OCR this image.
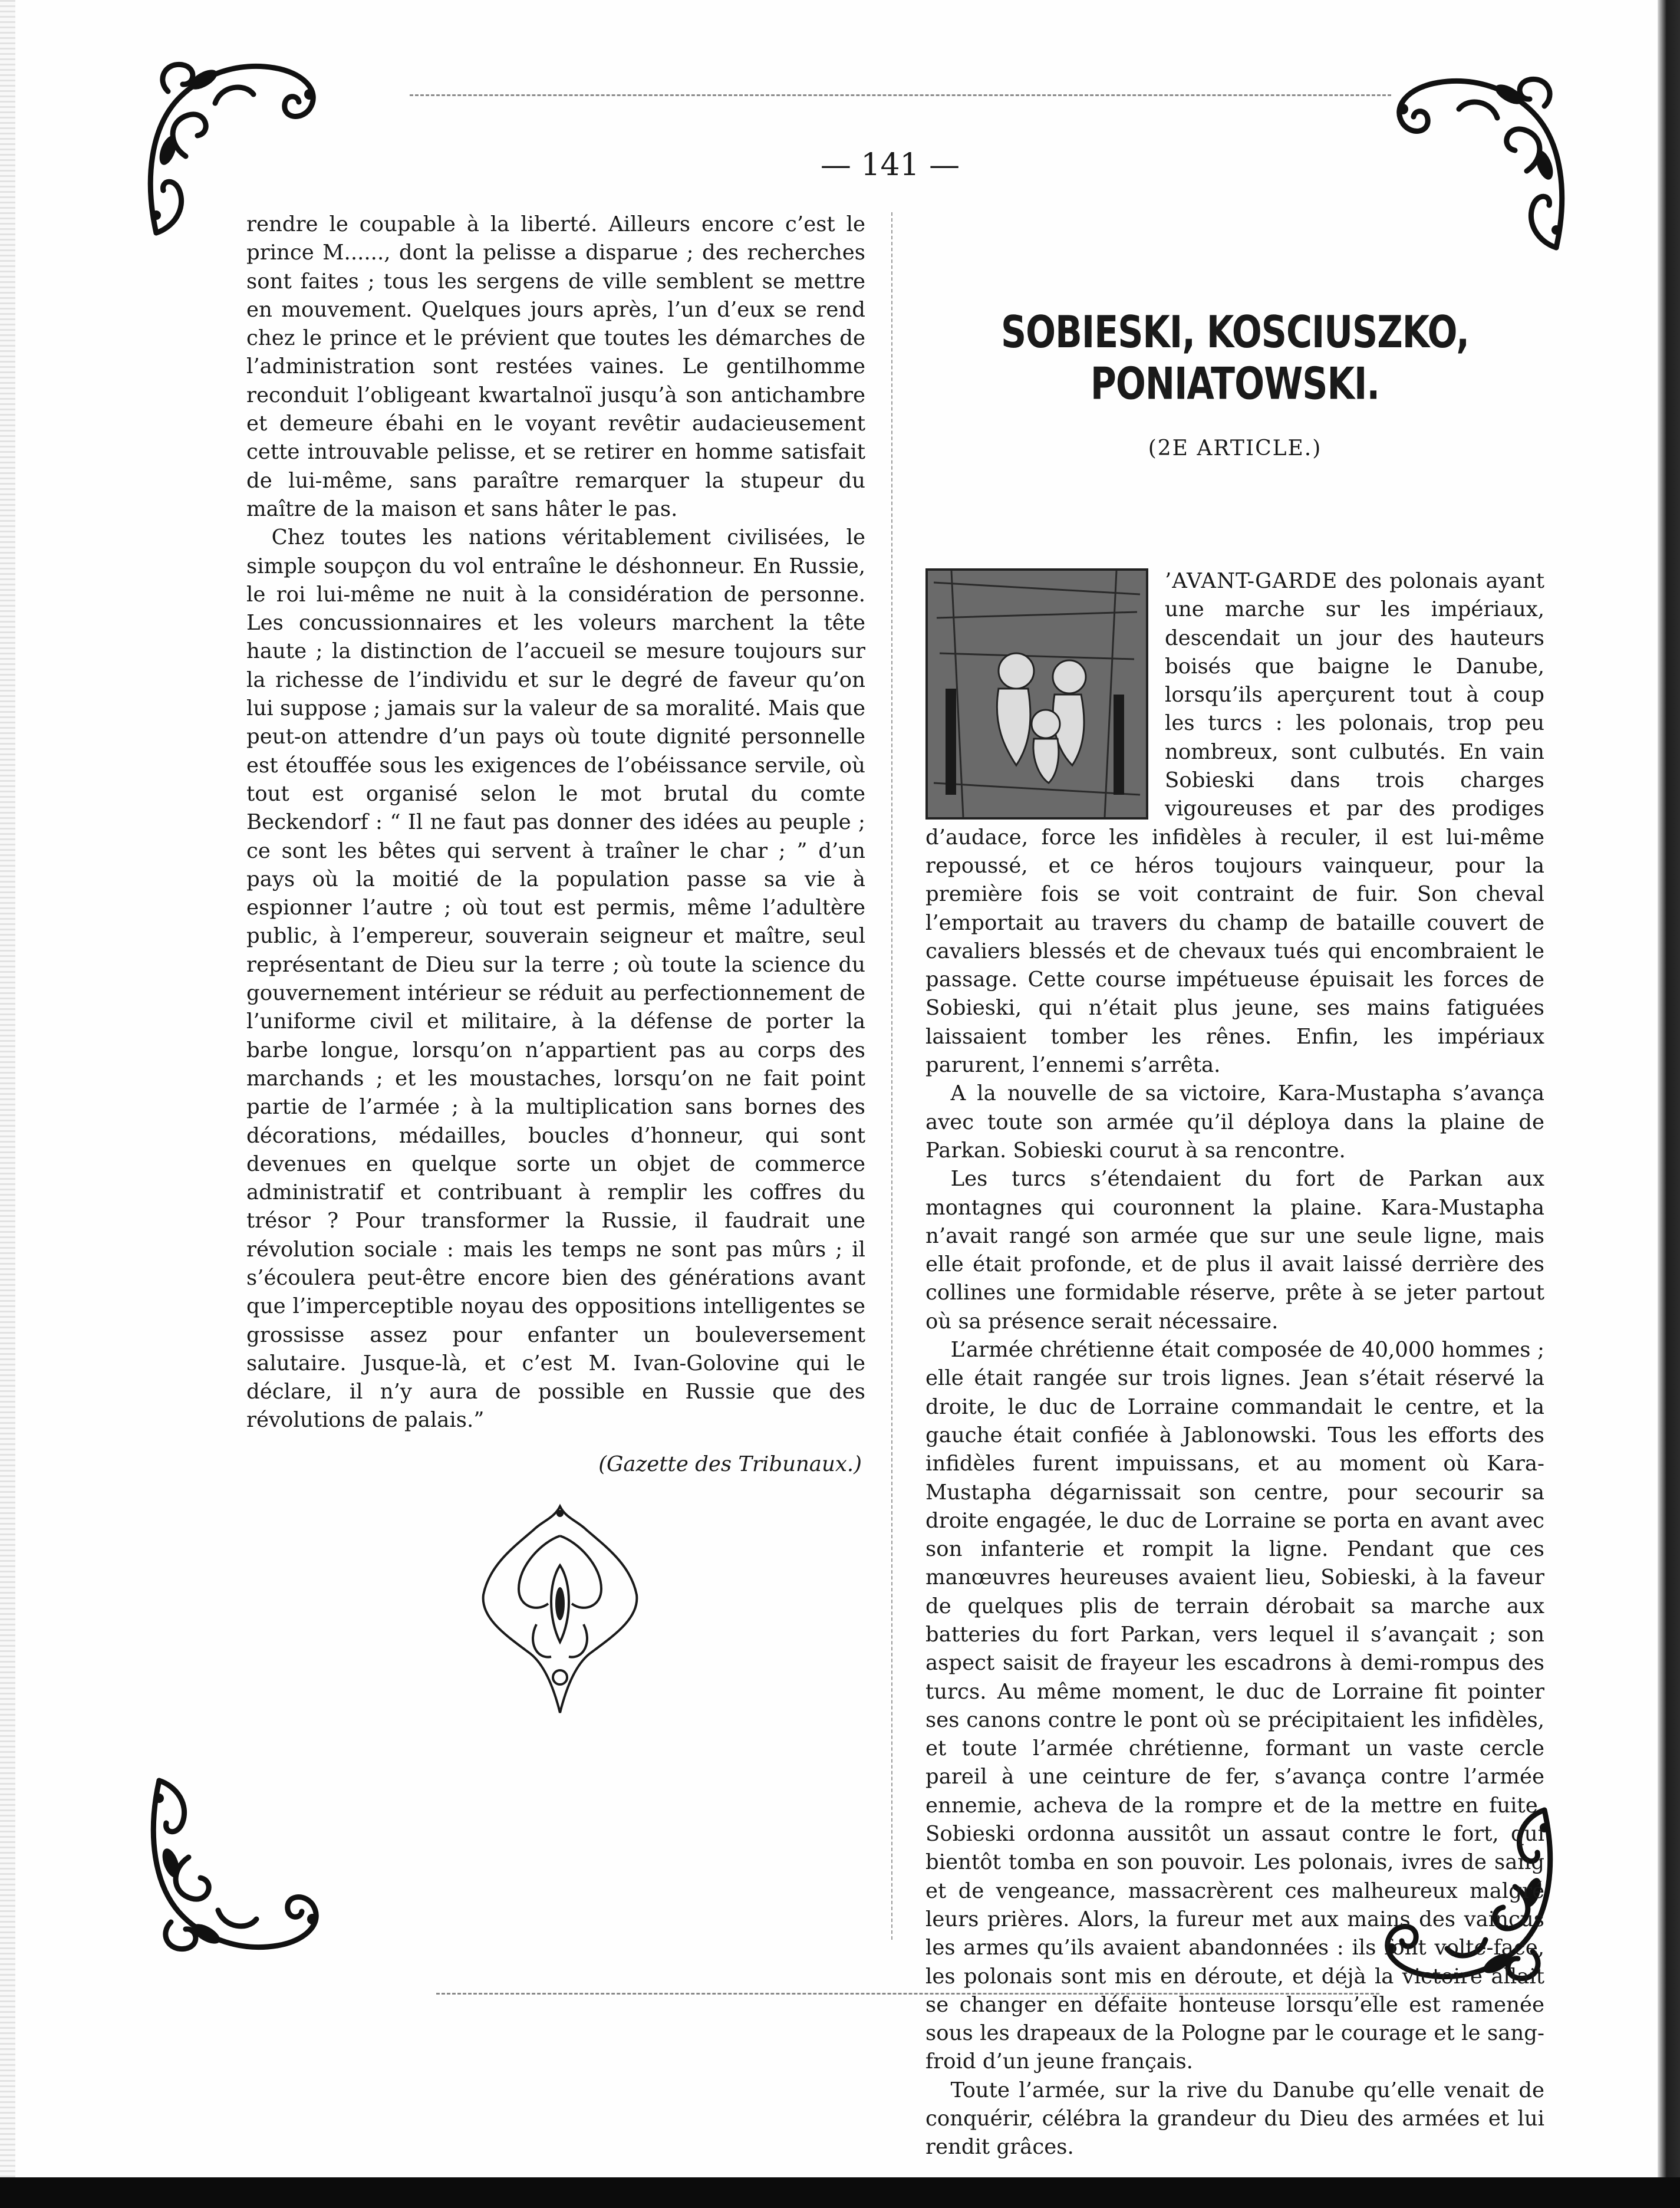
— 141 —

rendre le coupable à la liberté. Ailleurs encore c’est le prince M......, dont la pelisse a disparue ; des recherches sont faites ; tous les sergens de ville semblent se mettre en mouvement. Quelques jours après, l’un d’eux se rend chez le prince et le prévient que toutes les démarches de l’administration sont restées vaines. Le gentilhomme reconduit l’obligeant kwartalnoï jusqu’à son antichambre et demeure ébahi en le voyant revêtir audacieusement cette introuvable pelisse, et se retirer en homme satisfait de lui-même, sans paraître remarquer la stupeur du maître de la maison et sans hâter le pas.

Chez toutes les nations véritablement civilisées, le simple soupçon du vol entraîne le déshonneur. En Russie, le roi lui-même ne nuit à la considération de personne. Les concussionnaires et les voleurs marchent la tête haute ; la distinction de l’accueil se mesure toujours sur la richesse de l’individu et sur le degré de faveur qu’on lui suppose ; jamais sur la valeur de sa moralité. Mais que peut-on attendre d’un pays où toute dignité personnelle est étouffée sous les exigences de l’obéissance servile, où tout est organisé selon le mot brutal du comte Beckendorf : “ Il ne faut pas donner des idées au peuple ; ce sont les bêtes qui servent à traîner le char ; ” d’un pays où la moitié de la population passe sa vie à espionner l’autre ; où tout est permis, même l’adultère public, à l’empereur, souverain seigneur et maître, seul représentant de Dieu sur la terre ; où toute la science du gouvernement intérieur se réduit au perfectionnement de l’uniforme civil et militaire, à la défense de porter la barbe longue, lorsqu’on n’appartient pas au corps des marchands ; et les moustaches, lorsqu’on ne fait point partie de l’armée ; à la multiplication sans bornes des décorations, médailles, boucles d’honneur, qui sont devenues en quelque sorte un objet de commerce administratif et contribuant à remplir les coffres du trésor ? Pour transformer la Russie, il faudrait une révolution sociale : mais les temps ne sont pas mûrs ; il s’écoulera peut-être encore bien des générations avant que l’imperceptible noyau des oppositions intelligentes se grossisse assez pour enfanter un bouleversement salutaire. Jusque-là, et c’est M. Ivan-Golovine qui le déclare, il n’y aura de possible en Russie que des révolutions de palais.”

(Gazette des Tribunaux.)
SOBIESKI, KOSCIUSZKO, PONIATOWSKI.
(2E ARTICLE.)

’AVANT-GARDE des polonais ayant une marche sur les impériaux, descendait un jour des hauteurs boisés que baigne le Danube, lorsqu’ils aperçurent tout à coup les turcs : les polonais, trop peu nombreux, sont culbutés. En vain Sobieski dans trois charges vigoureuses et par des prodiges d’audace, force les infidèles à reculer, il est lui-même repoussé, et ce héros toujours vainqueur, pour la première fois se voit contraint de fuir. Son cheval l’emportait au travers du champ de bataille couvert de cavaliers blessés et de chevaux tués qui encombraient le passage. Cette course impétueuse épuisait les forces de Sobieski, qui n’était plus jeune, ses mains fatiguées laissaient tomber les rênes. Enfin, les impériaux parurent, l’ennemi s’arrêta.

A la nouvelle de sa victoire, Kara-Mustapha s’avança avec toute son armée qu’il déploya dans la plaine de Parkan. Sobieski courut à sa rencontre.

Les turcs s’étendaient du fort de Parkan aux montagnes qui couronnent la plaine. Kara-Mustapha n’avait rangé son armée que sur une seule ligne, mais elle était profonde, et de plus il avait laissé derrière des collines une formidable réserve, prête à se jeter partout où sa présence serait nécessaire.

L’armée chrétienne était composée de 40,000 hommes ; elle était rangée sur trois lignes. Jean s’était réservé la droite, le duc de Lorraine commandait le centre, et la gauche était confiée à Jablonowski. Tous les efforts des infidèles furent impuissans, et au moment où Kara-Mustapha dégarnissait son centre, pour secourir sa droite engagée, le duc de Lorraine se porta en avant avec son infanterie et rompit la ligne. Pendant que ces manœuvres heureuses avaient lieu, Sobieski, à la faveur de quelques plis de terrain dérobait sa marche aux batteries du fort Parkan, vers lequel il s’avançait ; son aspect saisit de frayeur les escadrons à demi-rompus des turcs. Au même moment, le duc de Lorraine fit pointer ses canons contre le pont où se précipitaient les infidèles, et toute l’armée chrétienne, formant un vaste cercle pareil à une ceinture de fer, s’avança contre l’armée ennemie, acheva de la rompre et de la mettre en fuite. Sobieski ordonna aussitôt un assaut contre le fort, qui bientôt tomba en son pouvoir. Les polonais, ivres de sang et de vengeance, massacrèrent ces malheureux malgré leurs prières. Alors, la fureur met aux mains des vaincus les armes qu’ils avaient abandonnées : ils font volte-face, les polonais sont mis en déroute, et déjà la victoire allait se changer en défaite honteuse lorsqu’elle est ramenée sous les drapeaux de la Pologne par le courage et le sang-froid d’un jeune français.

Toute l’armée, sur la rive du Danube qu’elle venait de conquérir, célébra la grandeur du Dieu des armées et lui rendit grâces.
